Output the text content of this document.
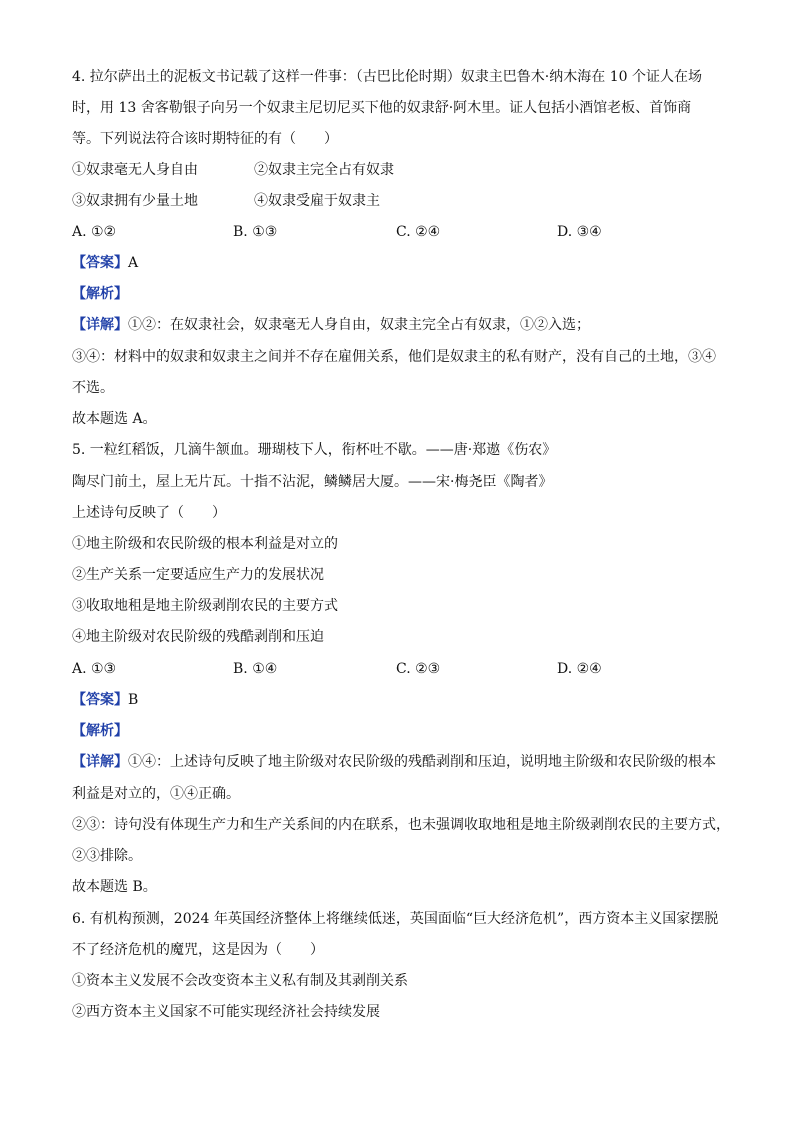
4. 拉尔萨出土的泥板文书记载了这样一件事：（古巴比伦时期）奴隶主巴鲁木·纳木海在 10 个证人在场
时，用 13 舍客勒银子向另一个奴隶主尼切尼买下他的奴隶舒·阿木里。证人包括小酒馆老板、首饰商
等。下列说法符合该时期特征的有（　　）
①奴隶毫无人身自由	②奴隶主完全占有奴隶
③奴隶拥有少量土地	④奴隶受雇于奴隶主
A. ①②	B. ①③	C. ②④	D. ③④
【答案】A
【解析】
【详解】①②：在奴隶社会，奴隶毫无人身自由，奴隶主完全占有奴隶，①②入选；
③④：材料中的奴隶和奴隶主之间并不存在雇佣关系，他们是奴隶主的私有财产，没有自己的土地，③④
不选。
故本题选 A。
5. 一粒红稻饭，几滴牛颔血。珊瑚枝下人，衔杯吐不歇。——唐·郑遨《伤农》
陶尽门前土，屋上无片瓦。十指不沾泥，鳞鳞居大厦。——宋·梅尧臣《陶者》
上述诗句反映了（　　）
①地主阶级和农民阶级的根本利益是对立的
②生产关系一定要适应生产力的发展状况
③收取地租是地主阶级剥削农民的主要方式
④地主阶级对农民阶级的残酷剥削和压迫
A. ①③	B. ①④	C. ②③	D. ②④
【答案】B
【解析】
【详解】①④：上述诗句反映了地主阶级对农民阶级的残酷剥削和压迫，说明地主阶级和农民阶级的根本
利益是对立的，①④正确。
②③：诗句没有体现生产力和生产关系间的内在联系，也未强调收取地租是地主阶级剥削农民的主要方式，
②③排除。
故本题选 B。
6. 有机构预测，2024 年英国经济整体上将继续低迷，英国面临“巨大经济危机”，西方资本主义国家摆脱
不了经济危机的魔咒，这是因为（　　）
①资本主义发展不会改变资本主义私有制及其剥削关系
②西方资本主义国家不可能实现经济社会持续发展
